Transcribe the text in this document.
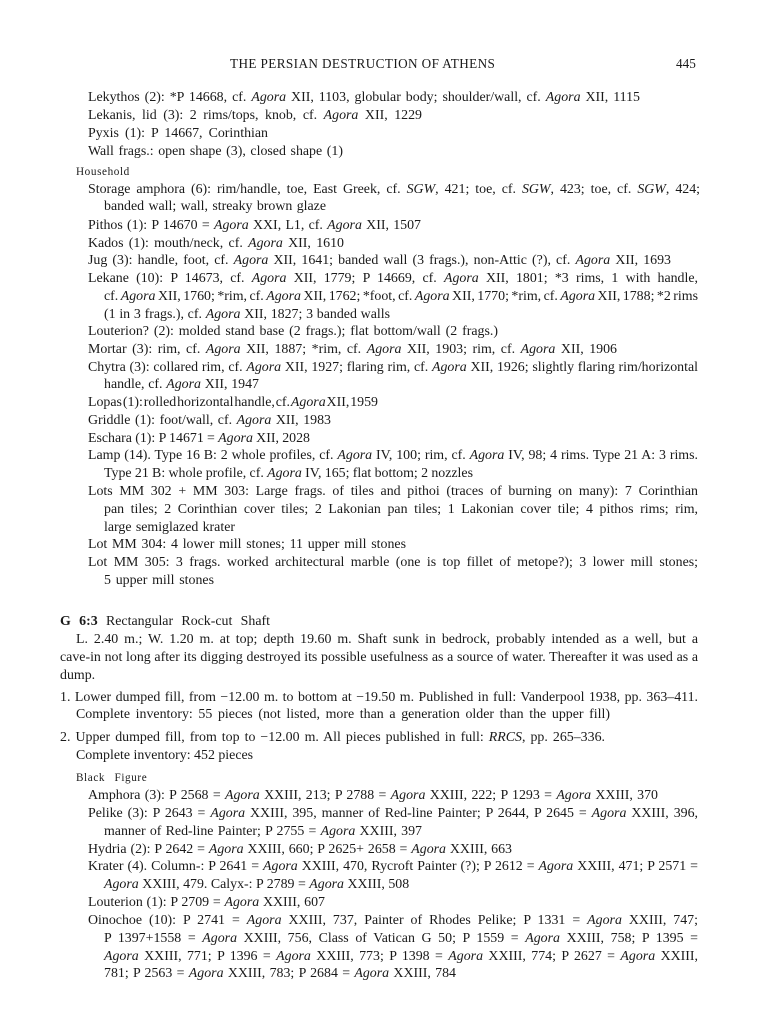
THE PERSIAN DESTRUCTION OF ATHENS	445
Lekythos (2): *P 14668, cf. Agora XII, 1103, globular body; shoulder/wall, cf. Agora XII, 1115
Lekanis, lid (3): 2 rims/tops, knob, cf. Agora XII, 1229
Pyxis (1): P 14667, Corinthian
Wall frags.: open shape (3), closed shape (1)
Household
Storage amphora (6): rim/handle, toe, East Greek, cf. SGW, 421; toe, cf. SGW, 423; toe, cf. SGW, 424;
banded wall; wall, streaky brown glaze
Pithos (1): P 14670 = Agora XXI, L1, cf. Agora XII, 1507
Kados (1): mouth/neck, cf. Agora XII, 1610
Jug (3): handle, foot, cf. Agora XII, 1641; banded wall (3 frags.), non-Attic (?), cf. Agora XII, 1693
Lekane (10): P 14673, cf. Agora XII, 1779; P 14669, cf. Agora XII, 1801; *3 rims, 1 with handle,
cf. Agora XII, 1760; *rim, cf. Agora XII, 1762; *foot, cf. Agora XII, 1770; *rim, cf. Agora XII, 1788; *2 rims
(1 in 3 frags.), cf. Agora XII, 1827; 3 banded walls
Louterion? (2): molded stand base (2 frags.); flat bottom/wall (2 frags.)
Mortar (3): rim, cf. Agora XII, 1887; *rim, cf. Agora XII, 1903; rim, cf. Agora XII, 1906
Chytra (3): collared rim, cf. Agora XII, 1927; flaring rim, cf. Agora XII, 1926; slightly flaring rim/horizontal
handle, cf. Agora XII, 1947
Lopas (1): rolled horizontal handle, cf. Agora XII, 1959
Griddle (1): foot/wall, cf. Agora XII, 1983
Eschara (1): P 14671 = Agora XII, 2028
Lamp (14). Type 16 B: 2 whole profiles, cf. Agora IV, 100; rim, cf. Agora IV, 98; 4 rims. Type 21 A: 3 rims.
Type 21 B: whole profile, cf. Agora IV, 165; flat bottom; 2 nozzles
Lots MM 302 + MM 303: Large frags. of tiles and pithoi (traces of burning on many): 7 Corinthian
pan tiles; 2 Corinthian cover tiles; 2 Lakonian pan tiles; 1 Lakonian cover tile; 4 pithos rims; rim,
large semiglazed krater
Lot MM 304: 4 lower mill stones; 11 upper mill stones
Lot MM 305: 3 frags. worked architectural marble (one is top fillet of metope?); 3 lower mill stones;
5 upper mill stones
G 6:3 Rectangular Rock-cut Shaft
L. 2.40 m.; W. 1.20 m. at top; depth 19.60 m. Shaft sunk in bedrock, probably intended as a well, but a
cave-in not long after its digging destroyed its possible usefulness as a source of water. Thereafter it was used as a
dump.
1. Lower dumped fill, from −12.00 m. to bottom at −19.50 m. Published in full: Vanderpool 1938, pp. 363–411.
Complete inventory: 55 pieces (not listed, more than a generation older than the upper fill)
2. Upper dumped fill, from top to −12.00 m. All pieces published in full: RRCS, pp. 265–336.
Complete inventory: 452 pieces
Black Figure
Amphora (3): P 2568 = Agora XXIII, 213; P 2788 = Agora XXIII, 222; P 1293 = Agora XXIII, 370
Pelike (3): P 2643 = Agora XXIII, 395, manner of Red-line Painter; P 2644, P 2645 = Agora XXIII, 396,
manner of Red-line Painter; P 2755 = Agora XXIII, 397
Hydria (2): P 2642 = Agora XXIII, 660; P 2625+ 2658 = Agora XXIII, 663
Krater (4). Column-: P 2641 = Agora XXIII, 470, Rycroft Painter (?); P 2612 = Agora XXIII, 471; P 2571 =
Agora XXIII, 479. Calyx-: P 2789 = Agora XXIII, 508
Louterion (1): P 2709 = Agora XXIII, 607
Oinochoe (10): P 2741 = Agora XXIII, 737, Painter of Rhodes Pelike; P 1331 = Agora XXIII, 747;
P 1397+1558 = Agora XXIII, 756, Class of Vatican G 50; P 1559 = Agora XXIII, 758; P 1395 =
Agora XXIII, 771; P 1396 = Agora XXIII, 773; P 1398 = Agora XXIII, 774; P 2627 = Agora XXIII,
781; P 2563 = Agora XXIII, 783; P 2684 = Agora XXIII, 784
